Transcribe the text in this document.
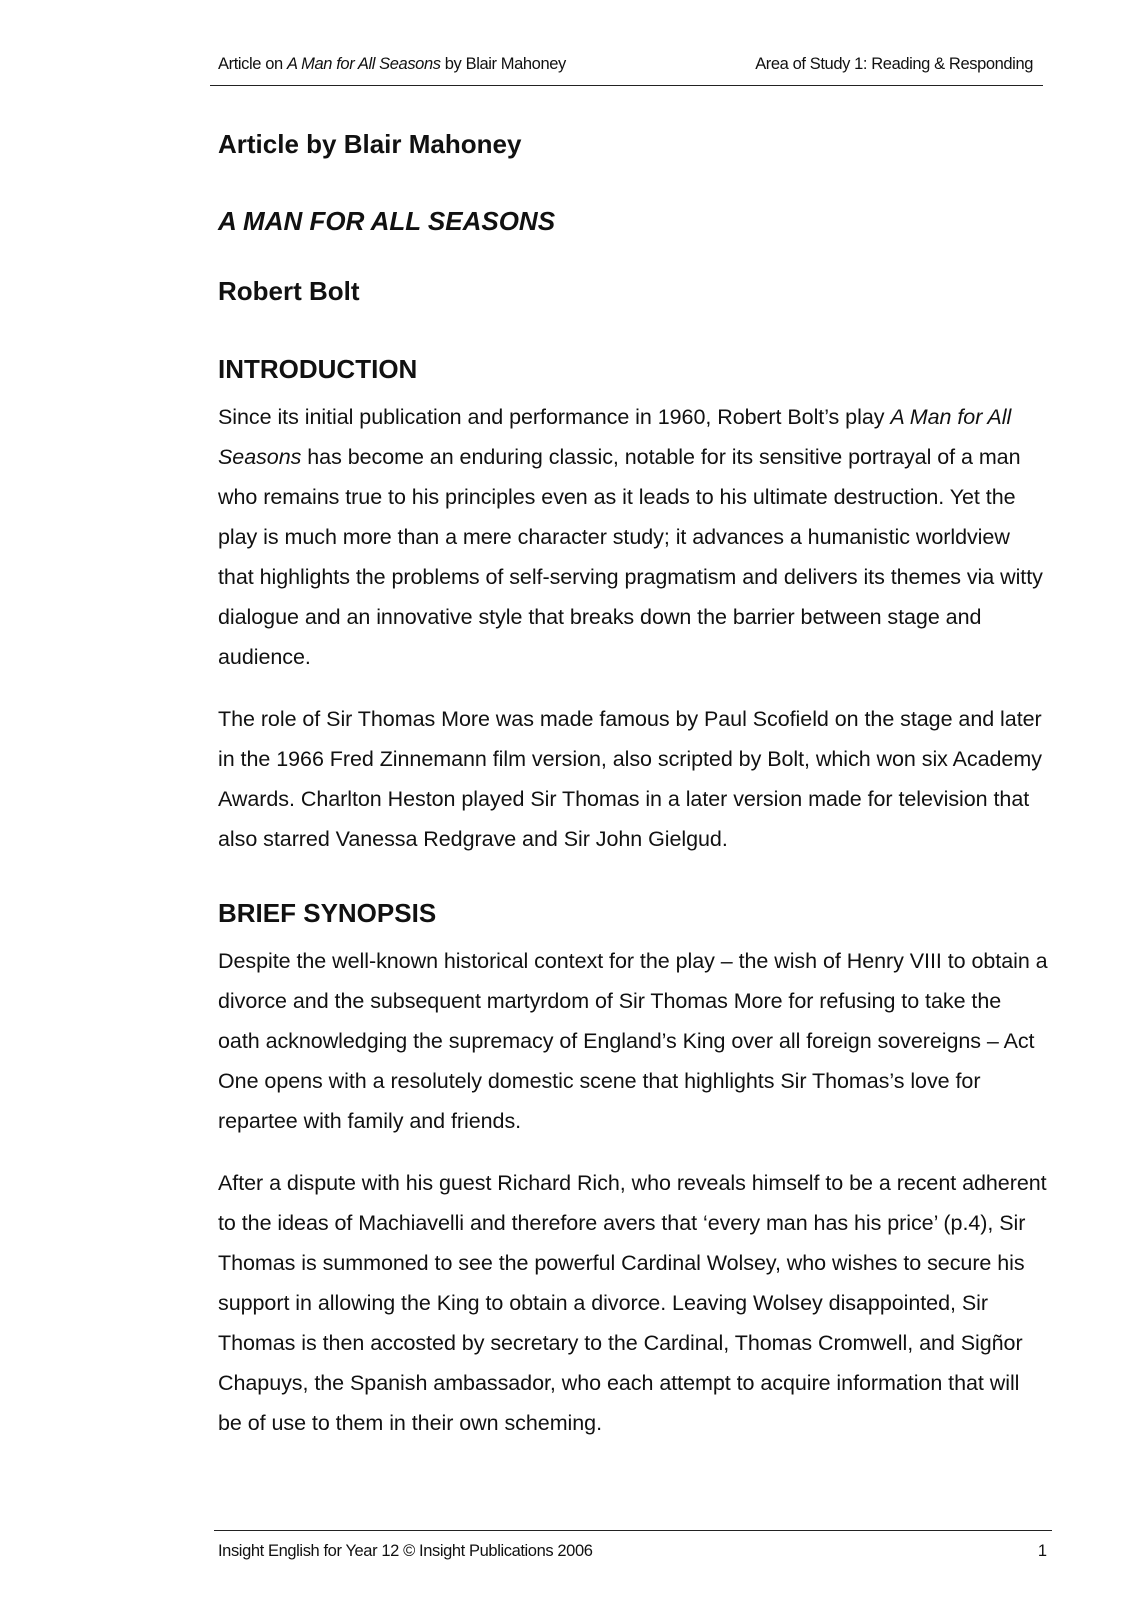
Article on A Man for All Seasons by Blair Mahoney	Area of Study 1: Reading & Responding
Article by Blair Mahoney
A MAN FOR ALL SEASONS
Robert Bolt
INTRODUCTION

Since its initial publication and performance in 1960, Robert Bolt’s play A Man for All Seasons has become an enduring classic, notable for its sensitive portrayal of a man who remains true to his principles even as it leads to his ultimate destruction. Yet the play is much more than a mere character study; it advances a humanistic worldview that highlights the problems of self-serving pragmatism and delivers its themes via witty dialogue and an innovative style that breaks down the barrier between stage and audience.

The role of Sir Thomas More was made famous by Paul Scofield on the stage and later in the 1966 Fred Zinnemann film version, also scripted by Bolt, which won six Academy Awards. Charlton Heston played Sir Thomas in a later version made for television that also starred Vanessa Redgrave and Sir John Gielgud.

BRIEF SYNOPSIS

Despite the well-known historical context for the play – the wish of Henry VIII to obtain a divorce and the subsequent martyrdom of Sir Thomas More for refusing to take the oath acknowledging the supremacy of England’s King over all foreign sovereigns – Act One opens with a resolutely domestic scene that highlights Sir Thomas’s love for repartee with family and friends.

After a dispute with his guest Richard Rich, who reveals himself to be a recent adherent to the ideas of Machiavelli and therefore avers that ‘every man has his price’ (p.4), Sir Thomas is summoned to see the powerful Cardinal Wolsey, who wishes to secure his support in allowing the King to obtain a divorce. Leaving Wolsey disappointed, Sir Thomas is then accosted by secretary to the Cardinal, Thomas Cromwell, and Sigñor Chapuys, the Spanish ambassador, who each attempt to acquire information that will be of use to them in their own scheming.

Insight English for Year 12 © Insight Publications 2006	1
